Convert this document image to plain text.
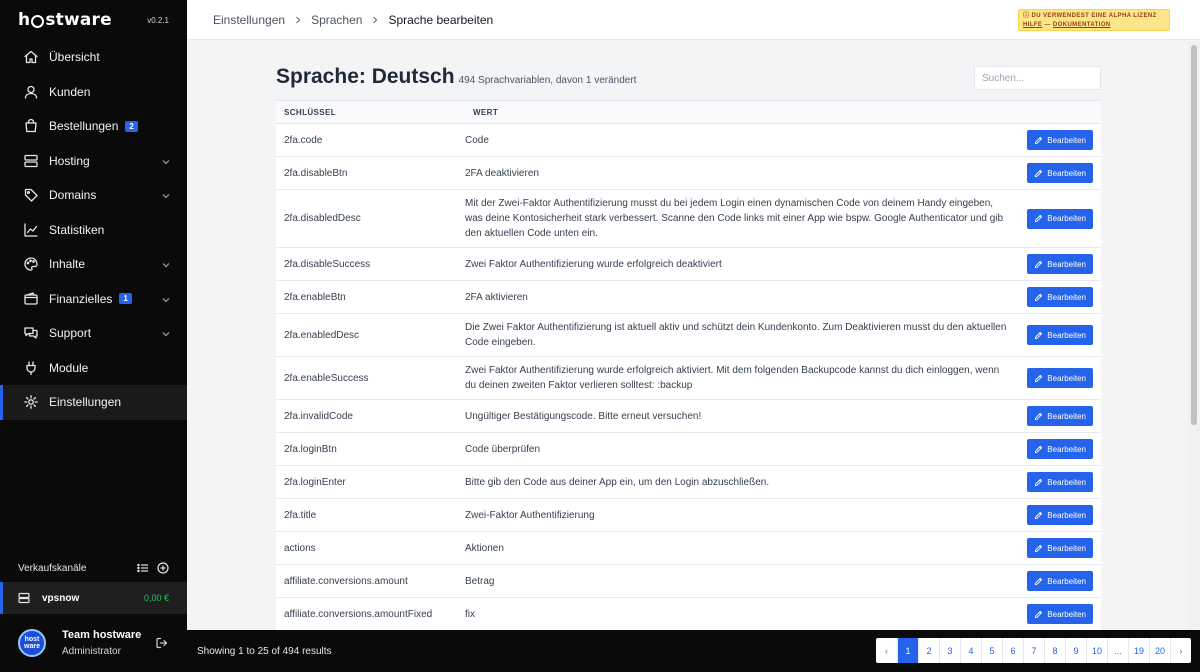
h stware	v0.2.1
Übersicht
Kunden
Bestellungen	2
Hosting
Domains
Statistiken
Inhalte
Finanzielles	1
Support
Module
Einstellungen
Verkaufskanäle
vpsnow	0,00 €
host
ware
Team hostware
Administrator
Einstellungen Sprachen Sprache bearbeiten	ⓘ DU VERWENDEST EINE ALPHA LIZENZ
HILFE — DOKUMENTATION
Sprache: Deutsch 494 Sprachvariablen, davon 1 verändert
Suchen...
SCHLÜSSEL	WERT	
2fa.code	Code	Bearbeiten

2fa.disableBtn	2FA deaktivieren	Bearbeiten

2fa.disabledDesc	Mit der Zwei-Faktor Authentifizierung musst du bei jedem Login einen dynamischen Code von deinem Handy eingeben, was deine Kontosicherheit stark verbessert. Scanne den Code links mit einer App wie bspw. Google Authenticator und gib den aktuellen Code unten ein.	Bearbeiten

2fa.disableSuccess	Zwei Faktor Authentifizierung wurde erfolgreich deaktiviert	Bearbeiten

2fa.enableBtn	2FA aktivieren	Bearbeiten

2fa.enabledDesc	Die Zwei Faktor Authentifizierung ist aktuell aktiv und schützt dein Kundenkonto. Zum Deaktivieren musst du den aktuellen Code eingeben.	Bearbeiten

2fa.enableSuccess	Zwei Faktor Authentifizierung wurde erfolgreich aktiviert. Mit dem folgenden Backupcode kannst du dich einloggen, wenn du deinen zweiten Faktor verlieren solltest: :backup	Bearbeiten

2fa.invalidCode	Ungültiger Bestätigungscode. Bitte erneut versuchen!	Bearbeiten

2fa.loginBtn	Code überprüfen	Bearbeiten

2fa.loginEnter	Bitte gib den Code aus deiner App ein, um den Login abzuschließen.	Bearbeiten

2fa.title	Zwei-Faktor Authentifizierung	Bearbeiten

actions	Aktionen	Bearbeiten

affiliate.conversions.amount	Betrag	Bearbeiten

affiliate.conversions.amountFixed	fix	Bearbeiten
Showing 1 to 25 of 494 results	‹	1	2	3	4	5	6	7	8	9	10	...	19	20	›
